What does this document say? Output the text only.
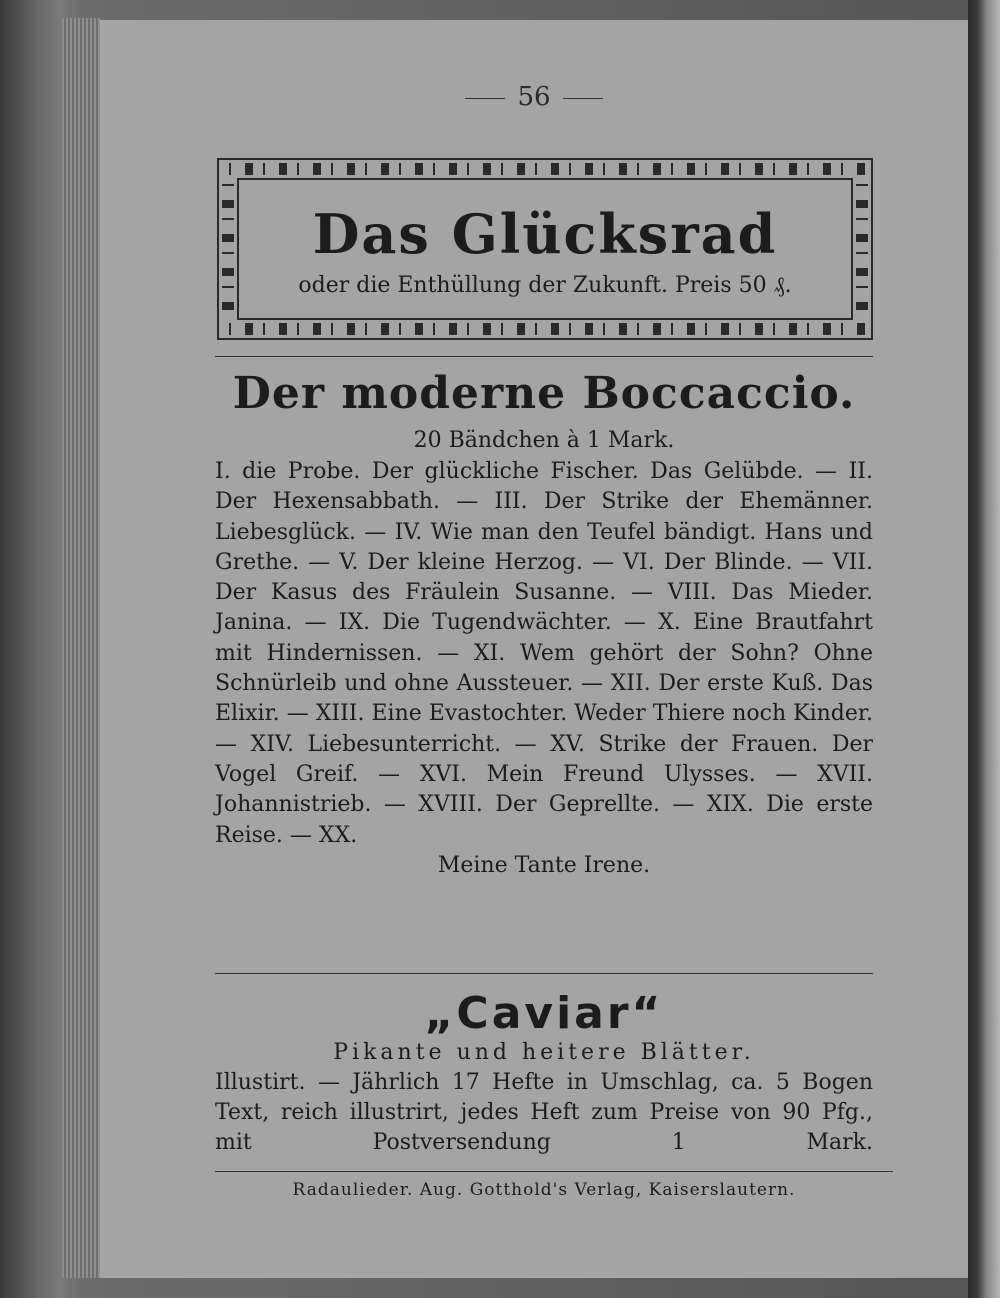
56
Das Glücksrad
oder die Enthüllung der Zukunft. Preis 50 ₰.
Der moderne Boccaccio.
20 Bändchen à 1 Mark.
I. die Probe. Der glückliche Fischer. Das Gelübde. — II. Der Hexensabbath. — III. Der Strike der Ehemänner. Liebesglück. — IV. Wie man den Teufel bändigt. Hans und Grethe. — V. Der kleine Herzog. — VI. Der Blinde. — VII. Der Kasus des Fräulein Susanne. — VIII. Das Mieder. Janina. — IX. Die Tugendwächter. — X. Eine Brautfahrt mit Hindernissen. — XI. Wem gehört der Sohn? Ohne Schnürleib und ohne Aussteuer. — XII. Der erste Kuß. Das Elixir. — XIII. Eine Evastochter. Weder Thiere noch Kinder. — XIV. Liebesunterricht. — XV. Strike der Frauen. Der Vogel Greif. — XVI. Mein Freund Ulysses. — XVII. Johannistrieb. — XVIII. Der Geprellte. — XIX. Die erste Reise. — XX.
Meine Tante Irene.
„Caviar“
Pikante und heitere Blätter.
Illustirt. — Jährlich 17 Hefte in Umschlag, ca. 5 Bogen Text, reich illustrirt, jedes Heft zum Preise von 90 Pfg., mit Postversendung 1 Mark.
Radaulieder. Aug. Gotthold's Verlag, Kaiserslautern.
